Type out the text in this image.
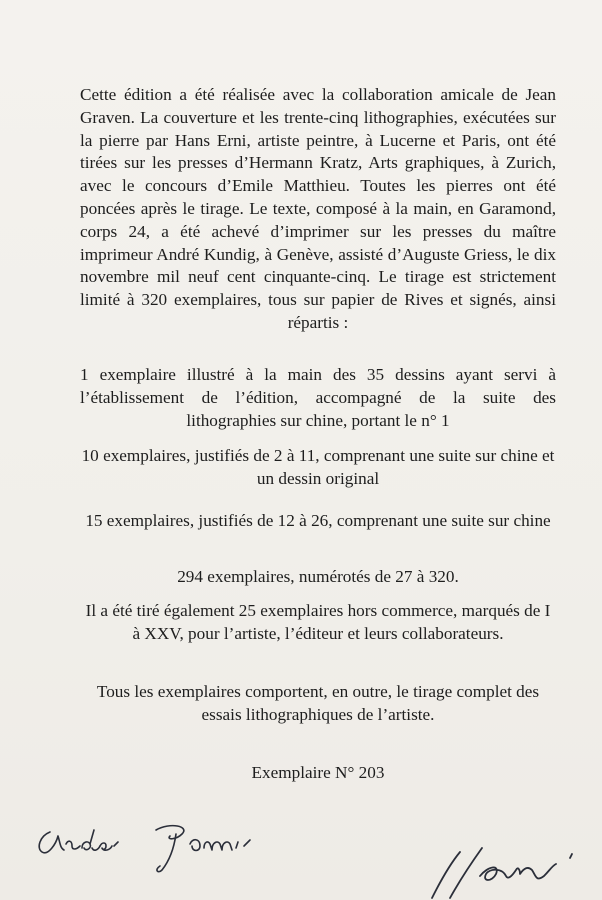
Cette édition a été réalisée avec la collaboration amicale de Jean Graven. La couverture et les trente-cinq lithographies, exécutées sur la pierre par Hans Erni, artiste peintre, à Lucerne et Paris, ont été tirées sur les presses d’Hermann Kratz, Arts graphiques, à Zurich, avec le concours d’Emile Matthieu. Toutes les pierres ont été poncées après le tirage. Le texte, composé à la main, en Garamond, corps 24, a été achevé d’imprimer sur les presses du maître imprimeur André Kundig, à Genève, assisté d’Auguste Griess, le dix novembre mil neuf cent cinquante-cinq. Le tirage est strictement limité à 320 exemplaires, tous sur papier de Rives et signés, ainsi répartis :
1 exemplaire illustré à la main des 35 dessins ayant servi à l’établissement de l’édition, accompagné de la suite des lithographies sur chine, portant le n° 1
10 exemplaires, justifiés de 2 à 11, comprenant une suite sur chine et un dessin original
15 exemplaires, justifiés de 12 à 26, comprenant une suite sur chine
294 exemplaires, numérotés de 27 à 320.
Il a été tiré également 25 exemplaires hors commerce, marqués de I à XXV, pour l’artiste, l’éditeur et leurs collaborateurs.
Tous les exemplaires comportent, en outre, le tirage complet des essais lithographiques de l’artiste.
Exemplaire N° 203
